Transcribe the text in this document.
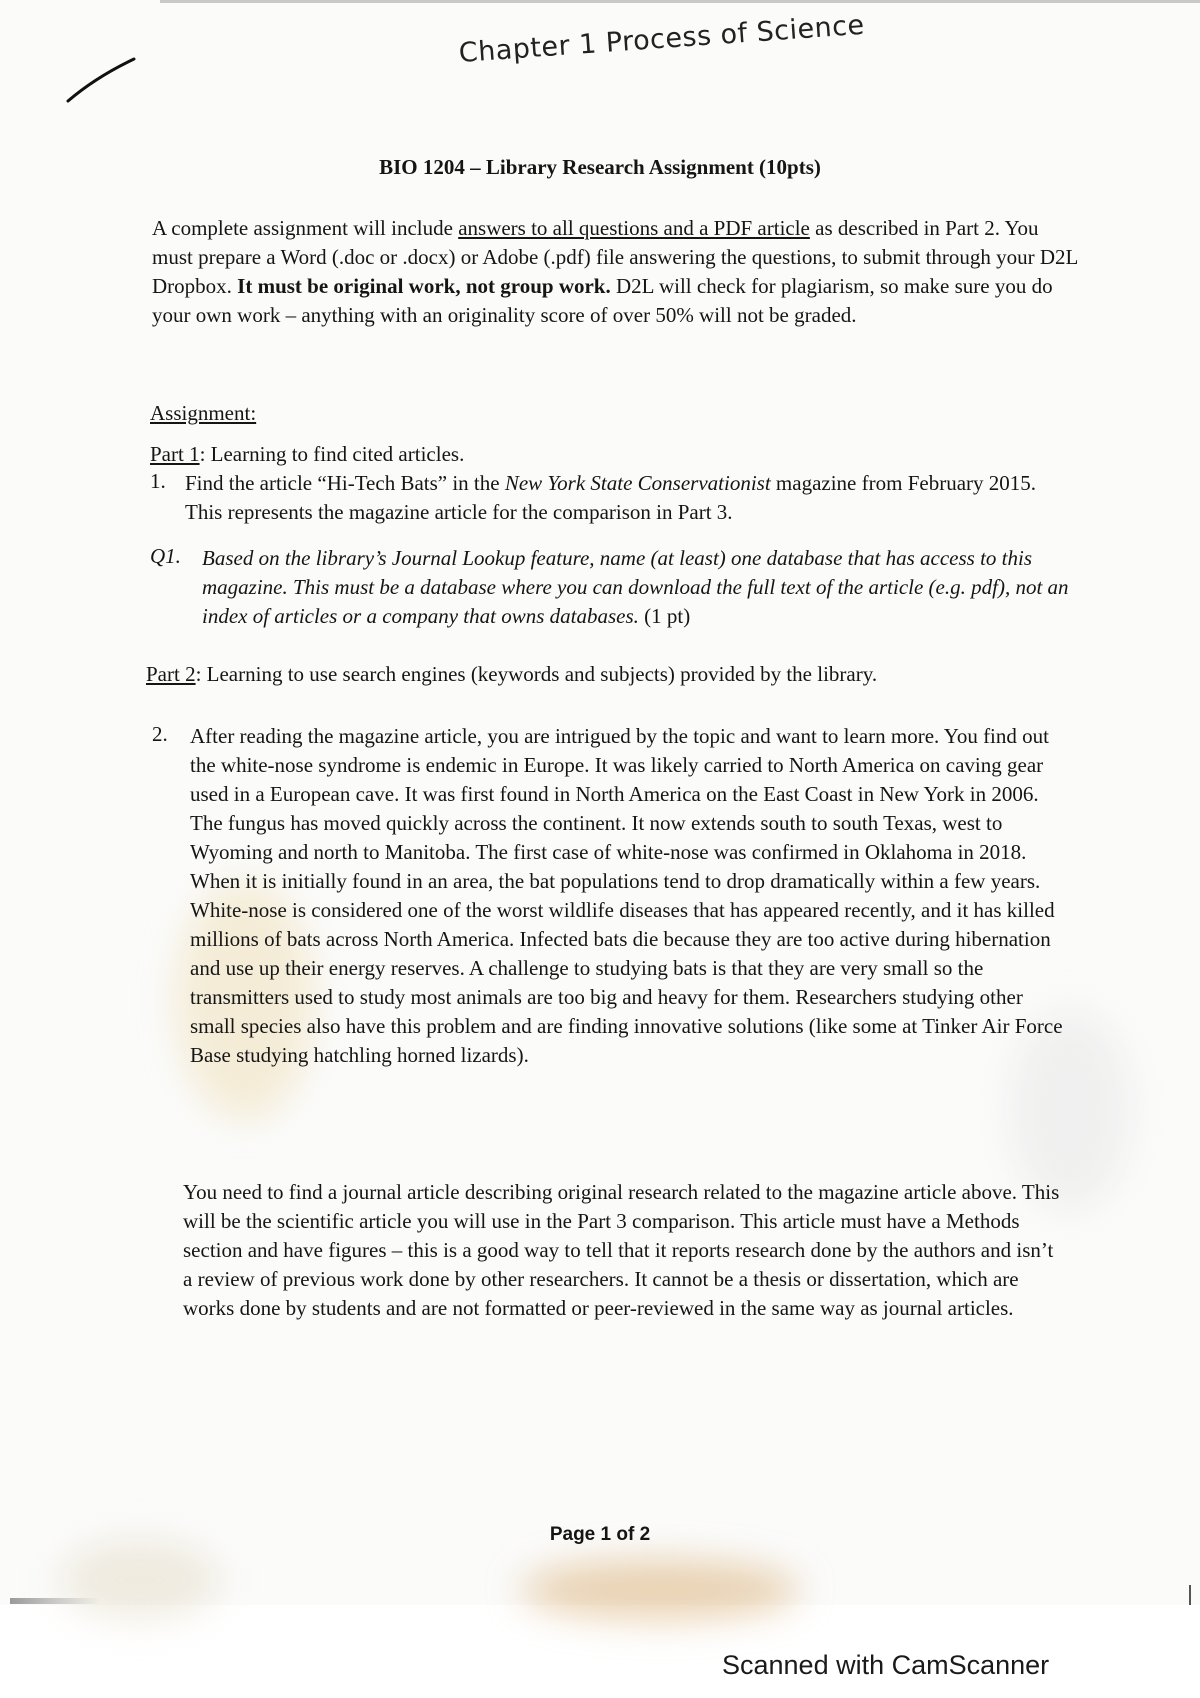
Chapter 1 Process of Science
BIO 1204 – Library Research Assignment (10pts)

A complete assignment will include answers to all questions and a PDF article as described in Part 2. You must prepare a Word (.doc or .docx) or Adobe (.pdf) file answering the questions, to submit through your D2L Dropbox. It must be original work, not group work. D2L will check for plagiarism, so make sure you do your own work – anything with an originality score of over 50% will not be graded.

Assignment:

Part 1: Learning to find cited articles.

1. Find the article “Hi-Tech Bats” in the New York State Conservationist magazine from February 2015. This represents the magazine article for the comparison in Part 3.

Q1. Based on the library’s Journal Lookup feature, name (at least) one database that has access to this magazine. This must be a database where you can download the full text of the article (e.g. pdf), not an index of articles or a company that owns databases. (1 pt)

Part 2: Learning to use search engines (keywords and subjects) provided by the library.

2. After reading the magazine article, you are intrigued by the topic and want to learn more. You find out the white-nose syndrome is endemic in Europe. It was likely carried to North America on caving gear used in a European cave. It was first found in North America on the East Coast in New York in 2006. The fungus has moved quickly across the continent. It now extends south to south Texas, west to Wyoming and north to Manitoba. The first case of white-nose was confirmed in Oklahoma in 2018. When it is initially found in an area, the bat populations tend to drop dramatically within a few years. White-nose is considered one of the worst wildlife diseases that has appeared recently, and it has killed millions of bats across North America. Infected bats die because they are too active during hibernation and use up their energy reserves. A challenge to studying bats is that they are very small so the transmitters used to study most animals are too big and heavy for them. Researchers studying other small species also have this problem and are finding innovative solutions (like some at Tinker Air Force Base studying hatchling horned lizards).

You need to find a journal article describing original research related to the magazine article above. This will be the scientific article you will use in the Part 3 comparison. This article must have a Methods section and have figures – this is a good way to tell that it reports research done by the authors and isn’t a review of previous work done by other researchers. It cannot be a thesis or dissertation, which are works done by students and are not formatted or peer-reviewed in the same way as journal articles.

Page 1 of 2
Scanned with CamScanner
